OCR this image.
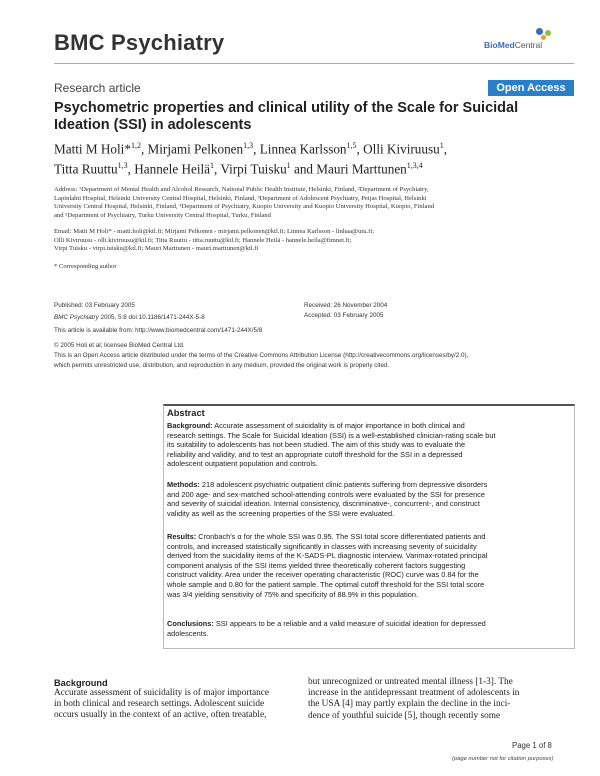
BMC Psychiatry	BioMedCentral
Research article	Open Access
Psychometric properties and clinical utility of the Scale for Suicidal
Ideation (SSI) in adolescents
Matti M Holi*$^{1,2}$, Mirjami Pelkonen$^{1,3}$, Linnea Karlsson$^{1,5}$, Olli Kiviruusu$^1$,
Titta Ruuttu$^{1,3}$, Hannele Heilä$^1$, Virpi Tuisku$^1$ and Mauri Marttunen$^{1,3,4}$
Address: ¹Department of Mental Health and Alcohol Research, National Public Health Institute, Helsinki, Finland, ²Department of Psychiatry,
Lapinlahti Hospital, Helsinki University Central Hospital, Helsinki, Finland, ³Department of Adolescent Psychiatry, Peijas Hospital, Helsinki
University Central Hospital, Helsinki, Finland, ⁴Department of Psychiatry, Kuopio University and Kuopio University Hospital, Kuopio, Finland
and ⁵Department of Psychiatry, Turku University Central Hospital, Turku, Finland
Email: Matti M Holi* - matti.holi@ktl.fi; Mirjami Pelkonen - mirjami.pelkonen@ktl.fi; Linnea Karlsson - linhaa@utu.fi;
Olli Kiviruusu - olli.kiviruusu@ktl.fi; Titta Ruuttu - titta.ruuttu@ktl.fi; Hannele Heilä - hannele.heila@fimnet.fi;
Virpi Tuisku - virpi.tuisku@ktl.fi; Mauri Marttunen - mauri.marttunen@ktl.fi
* Corresponding author
Published: 03 February 2005
BMC Psychiatry 2005, 5:8 doi:10.1186/1471-244X-5-8
Received: 26 November 2004
Accepted: 03 February 2005
This article is available from: http://www.biomedcentral.com/1471-244X/5/8
© 2005 Holi et al; licensee BioMed Central Ltd.
This is an Open Access article distributed under the terms of the Creative Commons Attribution License (http://creativecommons.org/licenses/by/2.0),
which permits unrestricted use, distribution, and reproduction in any medium, provided the original work is properly cited.
Abstract
Background: Accurate assessment of suicidality is of major importance in both clinical and
research settings. The Scale for Suicidal Ideation (SSI) is a well-established clinician-rating scale but
its suitability to adolescents has not been studied. The aim of this study was to evaluate the
reliability and validity, and to test an appropriate cutoff threshold for the SSI in a depressed
adolescent outpatient population and controls.
Methods: 218 adolescent psychiatric outpatient clinic patients suffering from depressive disorders
and 200 age- and sex-matched school-attending controls were evaluated by the SSI for presence
and severity of suicidal ideation. Internal consistency, discriminative-, concurrent-, and construct
validity as well as the screening properties of the SSI were evaluated.
Results: Cronbach's α for the whole SSI was 0.95. The SSI total score differentiated patients and
controls, and increased statistically significantly in classes with increasing severity of suicidality
derived from the suicidality items of the K-SADS-PL diagnostic interview. Varimax-rotated principal
component analysis of the SSI items yielded three theoretically coherent factors suggesting
construct validity. Area under the receiver operating characteristic (ROC) curve was 0.84 for the
whole sample and 0.80 for the patient sample. The optimal cutoff threshold for the SSI total score
was 3/4 yielding sensitivity of 75% and specificity of 88.9% in this population.
Conclusions: SSI appears to be a reliable and a valid measure of suicidal ideation for depressed
adolescents.
Background
Accurate assessment of suicidality is of major importance
in both clinical and research settings. Adolescent suicide
occurs usually in the context of an active, often treatable,
but unrecognized or untreated mental illness [1-3]. The
increase in the antidepressant treatment of adolescents in
the USA [4] may partly explain the decline in the inci-
dence of youthful suicide [5], though recently some
Page 1 of 8
(page number not for citation purposes)
